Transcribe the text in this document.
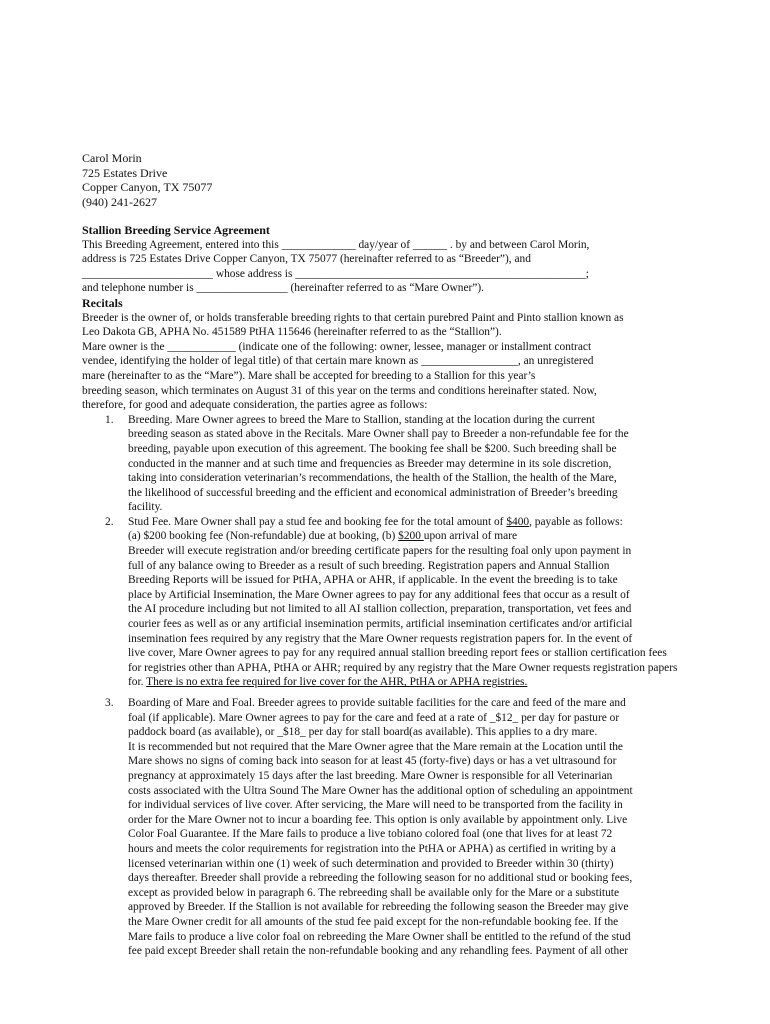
Carol Morin
725 Estates Drive
Copper Canyon, TX 75077
(940) 241-2627
Stallion Breeding Service Agreement
This Breeding Agreement, entered into this _____________ day/year of ______ . by and between Carol Morin,
address is 725 Estates Drive Copper Canyon, TX 75077 (hereinafter referred to as “Breeder”), and
_______________________ whose address is ___________________________________________________;
and telephone number is ________________ (hereinafter referred to as “Mare Owner”).
Recitals
Breeder is the owner of, or holds transferable breeding rights to that certain purebred Paint and Pinto stallion known as
Leo Dakota GB, APHA No. 451589 PtHA 115646 (hereinafter referred to as the “Stallion”).
Mare owner is the ____________ (indicate one of the following: owner, lessee, manager or installment contract
vendee, identifying the holder of legal title) of that certain mare known as _________________, an unregistered
mare (hereinafter to as the “Mare”). Mare shall be accepted for breeding to a Stallion for this year’s
breeding season, which terminates on August 31 of this year on the terms and conditions hereinafter stated. Now,
therefore, for good and adequate consideration, the parties agree as follows:
1. Breeding. Mare Owner agrees to breed the Mare to Stallion, standing at the location during the current
breeding season as stated above in the Recitals. Mare Owner shall pay to Breeder a non-refundable fee for the
breeding, payable upon execution of this agreement. The booking fee shall be $200. Such breeding shall be
conducted in the manner and at such time and frequencies as Breeder may determine in its sole discretion,
taking into consideration veterinarian’s recommendations, the health of the Stallion, the health of the Mare,
the likelihood of successful breeding and the efficient and economical administration of Breeder’s breeding
facility.
2. Stud Fee. Mare Owner shall pay a stud fee and booking fee for the total amount of $400, payable as follows:
(a) $200 booking fee (Non-refundable) due at booking, (b) $200 upon arrival of mare
Breeder will execute registration and/or breeding certificate papers for the resulting foal only upon payment in
full of any balance owing to Breeder as a result of such breeding. Registration papers and Annual Stallion
Breeding Reports will be issued for PtHA, APHA or AHR, if applicable. In the event the breeding is to take
place by Artificial Insemination, the Mare Owner agrees to pay for any additional fees that occur as a result of
the AI procedure including but not limited to all AI stallion collection, preparation, transportation, vet fees and
courier fees as well as or any artificial insemination permits, artificial insemination certificates and/or artificial
insemination fees required by any registry that the Mare Owner requests registration papers for. In the event of
live cover, Mare Owner agrees to pay for any required annual stallion breeding report fees or stallion certification fees
for registries other than APHA, PtHA or AHR; required by any registry that the Mare Owner requests registration papers
for. There is no extra fee required for live cover for the AHR, PtHA or APHA registries.
3. Boarding of Mare and Foal. Breeder agrees to provide suitable facilities for the care and feed of the mare and
foal (if applicable). Mare Owner agrees to pay for the care and feed at a rate of _$12_ per day for pasture or
paddock board (as available), or _$18_ per day for stall board(as available). This applies to a dry mare.
It is recommended but not required that the Mare Owner agree that the Mare remain at the Location until the
Mare shows no signs of coming back into season for at least 45 (forty-five) days or has a vet ultrasound for
pregnancy at approximately 15 days after the last breeding. Mare Owner is responsible for all Veterinarian
costs associated with the Ultra Sound The Mare Owner has the additional option of scheduling an appointment
for individual services of live cover. After servicing, the Mare will need to be transported from the facility in
order for the Mare Owner not to incur a boarding fee. This option is only available by appointment only. Live
Color Foal Guarantee. If the Mare fails to produce a live tobiano colored foal (one that lives for at least 72
hours and meets the color requirements for registration into the PtHA or APHA) as certified in writing by a
licensed veterinarian within one (1) week of such determination and provided to Breeder within 30 (thirty)
days thereafter. Breeder shall provide a rebreeding the following season for no additional stud or booking fees,
except as provided below in paragraph 6. The rebreeding shall be available only for the Mare or a substitute
approved by Breeder. If the Stallion is not available for rebreeding the following season the Breeder may give
the Mare Owner credit for all amounts of the stud fee paid except for the non-refundable booking fee. If the
Mare fails to produce a live color foal on rebreeding the Mare Owner shall be entitled to the refund of the stud
fee paid except Breeder shall retain the non-refundable booking and any rehandling fees. Payment of all other
